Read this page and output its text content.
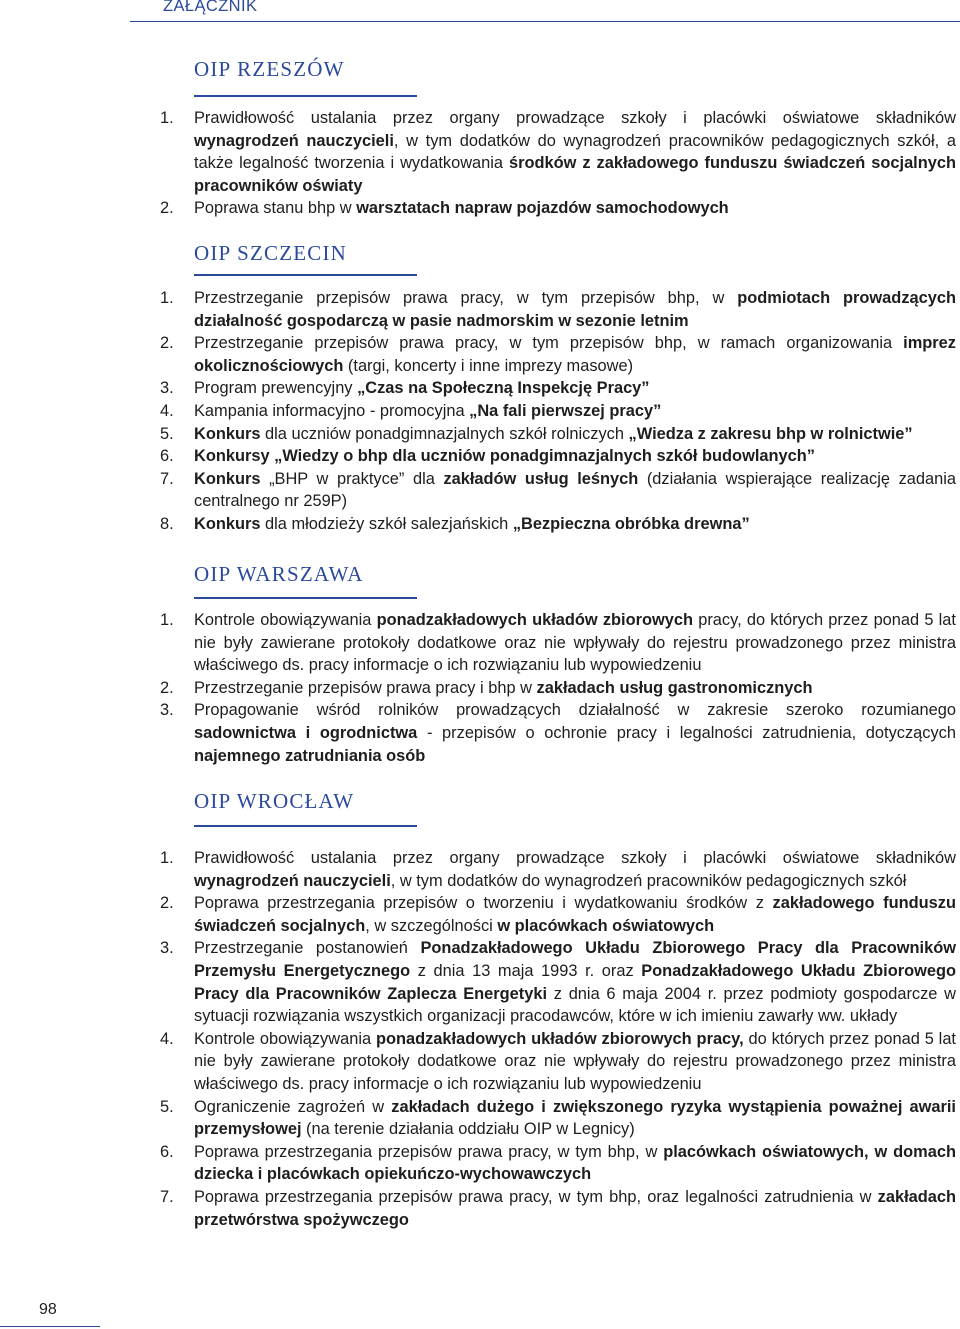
ZAŁĄCZNIK
OIP RZESZÓW
1. Prawidłowość ustalania przez organy prowadzące szkoły i placówki oświatowe składników wynagrodzeń nauczycieli, w tym dodatków do wynagrodzeń pracowników pedagogicznych szkół, a także legalność tworzenia i wydatkowania środków z zakładowego funduszu świadczeń socjalnych pracowników oświaty
2. Poprawa stanu bhp w warsztatach napraw pojazdów samochodowych
OIP SZCZECIN
1. Przestrzeganie przepisów prawa pracy, w tym przepisów bhp, w podmiotach prowadzących działalność gospodarczą w pasie nadmorskim w sezonie letnim
2. Przestrzeganie przepisów prawa pracy, w tym przepisów bhp, w ramach organizowania imprez okolicznościowych (targi, koncerty i inne imprezy masowe)
3. Program prewencyjny „Czas na Społeczną Inspekcję Pracy”
4. Kampania informacyjno - promocyjna „Na fali pierwszej pracy”
5. Konkurs dla uczniów ponadgimnazjalnych szkół rolniczych „Wiedza z zakresu bhp w rolnictwie”
6. Konkursy „Wiedzy o bhp dla uczniów ponadgimnazjalnych szkół budowlanych”
7. Konkurs „BHP w praktyce” dla zakładów usług leśnych (działania wspierające realizację zadania centralnego nr 259P)
8. Konkurs dla młodzieży szkół salezjańskich „Bezpieczna obróbka drewna”
OIP WARSZAWA
1. Kontrole obowiązywania ponadzakładowych układów zbiorowych pracy, do których przez ponad 5 lat nie były zawierane protokoły dodatkowe oraz nie wpływały do rejestru prowadzonego przez ministra właściwego ds. pracy informacje o ich rozwiązaniu lub wypowiedzeniu
2. Przestrzeganie przepisów prawa pracy i bhp w zakładach usług gastronomicznych
3. Propagowanie wśród rolników prowadzących działalność w zakresie szeroko rozumianego sadownictwa i ogrodnictwa - przepisów o ochronie pracy i legalności zatrudnienia, dotyczących najemnego zatrudniania osób
OIP WROCŁAW
1. Prawidłowość ustalania przez organy prowadzące szkoły i placówki oświatowe składników wynagrodzeń nauczycieli, w tym dodatków do wynagrodzeń pracowników pedagogicznych szkół
2. Poprawa przestrzegania przepisów o tworzeniu i wydatkowaniu środków z zakładowego funduszu świadczeń socjalnych, w szczególności w placówkach oświatowych
3. Przestrzeganie postanowień Ponadzakładowego Układu Zbiorowego Pracy dla Pracowników Przemysłu Energetycznego z dnia 13 maja 1993 r. oraz Ponadzakładowego Układu Zbiorowego Pracy dla Pracowników Zaplecza Energetyki z dnia 6 maja 2004 r. przez podmioty gospodarcze w sytuacji rozwiązania wszystkich organizacji pracodawców, które w ich imieniu zawarły ww. układy
4. Kontrole obowiązywania ponadzakładowych układów zbiorowych pracy, do których przez ponad 5 lat nie były zawierane protokoły dodatkowe oraz nie wpływały do rejestru prowadzonego przez ministra właściwego ds. pracy informacje o ich rozwiązaniu lub wypowiedzeniu
5. Ograniczenie zagrożeń w zakładach dużego i zwiększonego ryzyka wystąpienia poważnej awarii przemysłowej (na terenie działania oddziału OIP w Legnicy)
6. Poprawa przestrzegania przepisów prawa pracy, w tym bhp, w placówkach oświatowych, w domach dziecka i placówkach opiekuńczo-wychowawczych
7. Poprawa przestrzegania przepisów prawa pracy, w tym bhp, oraz legalności zatrudnienia w zakładach przetwórstwa spożywczego
98
